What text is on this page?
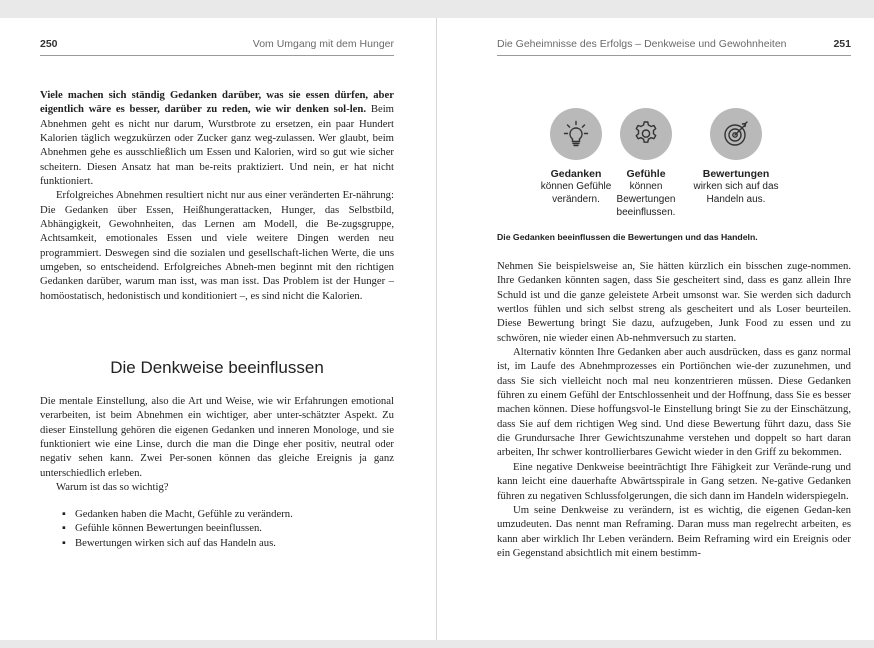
250	Vom Umgang mit dem Hunger

Viele machen sich ständig Gedanken darüber, was sie essen dürfen, aber eigentlich wäre es besser, darüber zu reden, wie wir denken sol-len. Beim Abnehmen geht es nicht nur darum, Wurstbrote zu ersetzen, ein paar Hundert Kalorien täglich wegzukürzen oder Zucker ganz weg-zulassen. Wer glaubt, beim Abnehmen gehe es ausschließlich um Essen und Kalorien, wird so gut wie sicher scheitern. Diesen Ansatz hat man be-reits praktiziert. Und nein, er hat nicht funktioniert.

Erfolgreiches Abnehmen resultiert nicht nur aus einer veränderten Er-nährung: Die Gedanken über Essen, Heißhungerattacken, Hunger, das Selbstbild, Abhängigkeit, Gewohnheiten, das Lernen am Modell, die Be-zugsgruppe, Achtsamkeit, emotionales Essen und viele weitere Dingen werden neu programmiert. Deswegen sind die sozialen und gesellschaft-lichen Werte, die uns umgeben, so entscheidend. Erfolgreiches Abneh-men beginnt mit den richtigen Gedanken darüber, warum man isst, was man isst. Das Problem ist der Hunger – homöostatisch, hedonistisch und konditioniert –, es sind nicht die Kalorien.

Die Denkweise beeinflussen

Die mentale Einstellung, also die Art und Weise, wie wir Erfahrungen emotional verarbeiten, ist beim Abnehmen ein wichtiger, aber unter-schätzter Aspekt. Zu dieser Einstellung gehören die eigenen Gedanken und inneren Monologe, und sie funktioniert wie eine Linse, durch die man die Dinge eher positiv, neutral oder negativ sehen kann. Zwei Per-sonen können das gleiche Ereignis ja ganz unterschiedlich erleben.

Warum ist das so wichtig?

▪ Gedanken haben die Macht, Gefühle zu verändern.
▪ Gefühle können Bewertungen beeinflussen.
▪ Bewertungen wirken sich auf das Handeln aus.
Die Geheimnisse des Erfolgs – Denkweise und Gewohnheiten	251
Gedanken
können Gefühle verändern.
Gefühle
können Bewertungen beeinflussen.
Bewertungen
wirken sich auf das Handeln aus.
Die Gedanken beeinflussen die Bewertungen und das Handeln.

Nehmen Sie beispielsweise an, Sie hätten kürzlich ein bisschen zuge-nommen. Ihre Gedanken könnten sagen, dass Sie gescheitert sind, dass es ganz allein Ihre Schuld ist und die ganze geleistete Arbeit umsonst war. Sie werden sich dadurch wertlos fühlen und sich selbst streng als gescheitert und als Loser beurteilen. Diese Bewertung bringt Sie dazu, aufzugeben, Junk Food zu essen und zu schwören, nie wieder einen Ab-nehmversuch zu starten.

Alternativ könnten Ihre Gedanken aber auch ausdrücken, dass es ganz normal ist, im Laufe des Abnehmprozesses ein Portiönchen wie-der zuzunehmen, und dass Sie sich vielleicht noch mal neu konzentrieren müssen. Diese Gedanken führen zu einem Gefühl der Entschlossenheit und der Hoffnung, dass Sie es besser machen können. Diese hoffungsvol-le Einstellung bringt Sie zu der Einschätzung, dass Sie auf dem richtigen Weg sind. Und diese Bewertung führt dazu, dass Sie die Grundursache Ihrer Gewichtszunahme verstehen und doppelt so hart daran arbeiten, Ihr schwer kontrollierbares Gewicht wieder in den Griff zu bekommen.

Eine negative Denkweise beeinträchtigt Ihre Fähigkeit zur Verände-rung und kann leicht eine dauerhafte Abwärtsspirale in Gang setzen. Ne-gative Gedanken führen zu negativen Schlussfolgerungen, die sich dann im Handeln widerspiegeln.

Um seine Denkweise zu verändern, ist es wichtig, die eigenen Gedan-ken umzudeuten. Das nennt man Reframing. Daran muss man regelrecht arbeiten, es kann aber wirklich Ihr Leben verändern. Beim Reframing wird ein Ereignis oder ein Gegenstand absichtlich mit einem bestimm-
